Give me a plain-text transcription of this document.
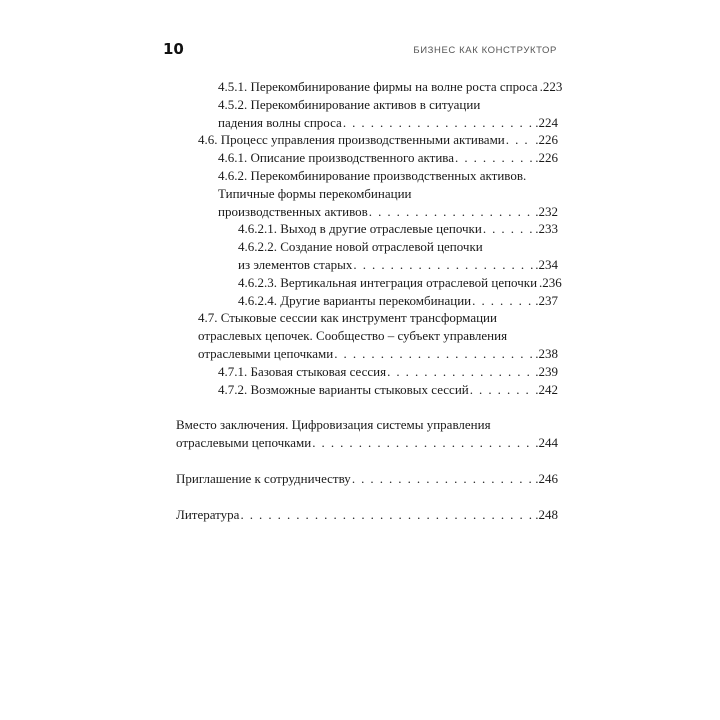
10	БИЗНЕС КАК КОНСТРУКТОР
4.5.1. Перекомбинирование фирмы на волне роста спроса .223
4.5.2. Перекомбинирование активов в ситуации
падения волны спроса . . .	.224
4.6. Процесс управления производственными активами . . . .226
4.6.1. Описание производственного актива . . .	.226
4.6.2. Перекомбинирование производственных активов.
Типичные формы перекомбинации
производственных активов . . .	.232
4.6.2.1. Выход в другие отраслевые цепочки . . .	.233
4.6.2.2. Создание новой отраслевой цепочки
из элементов старых . . .	.234
4.6.2.3. Вертикальная интеграция отраслевой цепочки .236
4.6.2.4. Другие варианты перекомбинации . . .	.237
4.7. Стыковые сессии как инструмент трансформации
отраслевых цепочек. Сообщество – субъект управления
отраслевыми цепочками . . .	.238
4.7.1. Базовая стыковая сессия . . .	.239
4.7.2. Возможные варианты стыковых сессий . . .	.242
Вместо заключения. Цифровизация системы управления
отраслевыми цепочками . . .	.244
Приглашение к сотрудничеству . . .	.246
Литература . . .	.248
